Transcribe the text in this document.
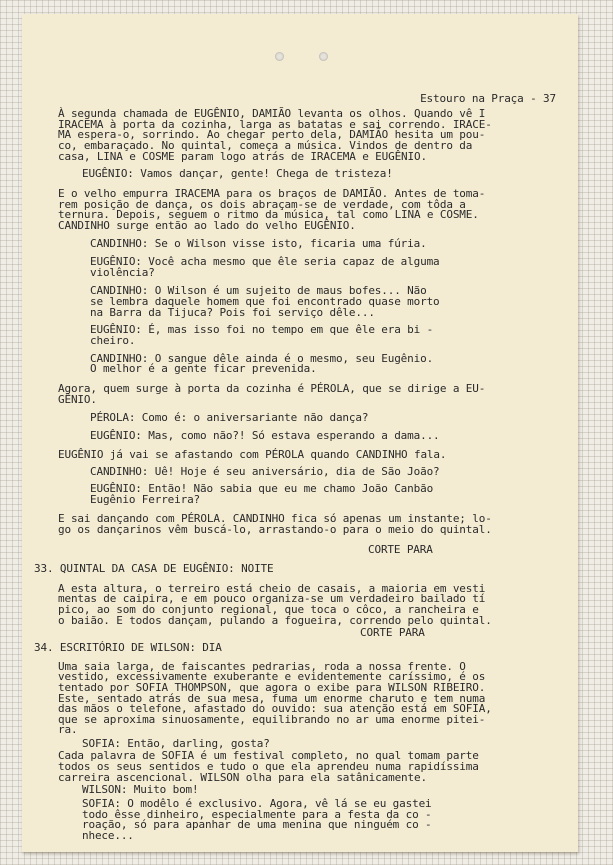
Estouro na Praça - 37
À segunda chamada de EUGÊNIO, DAMIÃO levanta os olhos. Quando vê I
IRACEMA à porta da cozinha, larga as batatas e sai correndo. IRACE-
MA espera-o, sorrindo. Ao chegar perto dela, DAMIÃO hesita um pou-
co, embaraçado. No quintal, começa a música. Vindos de dentro da
casa, LINA e COSME param logo atrás de IRACEMA e EUGÊNIO.
EUGÊNIO: Vamos dançar, gente! Chega de tristeza!
E o velho empurra IRACEMA para os braços de DAMIÃO. Antes de toma-
rem posição de dança, os dois abraçam-se de verdade, com tôda a
ternura. Depois, seguem o ritmo da música, tal como LINA e COSME.
CANDINHO surge então ao lado do velho EUGÊNIO.
CANDINHO: Se o Wilson visse isto, ficaria uma fúria.
EUGÊNIO: Você acha mesmo que êle seria capaz de alguma
violência?
CANDINHO: O Wilson é um sujeito de maus bofes... Não
se lembra daquele homem que foi encontrado quase morto
na Barra da Tijuca? Pois foi serviço dêle...
EUGÊNIO: É, mas isso foi no tempo em que êle era bi -
cheiro.
CANDINHO: O sangue dêle ainda é o mesmo, seu Eugênio.
O melhor é a gente ficar prevenida.
Agora, quem surge à porta da cozinha é PÉROLA, que se dirige a EU-
GÊNIO.
PÉROLA: Como é: o aniversariante não dança?
EUGÊNIO: Mas, como não?! Só estava esperando a dama...
EUGÊNIO já vai se afastando com PÉROLA quando CANDINHO fala.
CANDINHO: Uê! Hoje é seu aniversário, dia de São João?
EUGÊNIO: Então! Não sabia que eu me chamo João Canbão
Eugênio Ferreira?
E sai dançando com PÉROLA. CANDINHO fica só apenas um instante; lo-
go os dançarinos vêm buscá-lo, arrastando-o para o meio do quintal.
CORTE PARA
33. QUINTAL DA CASA DE EUGÊNIO: NOITE
A esta altura, o terreiro está cheio de casais, a maioria em vesti
mentas de caipira, e em pouco organiza-se um verdadeiro bailado tí
pico, ao som do conjunto regional, que toca o côco, a rancheira e
o baião. E todos dançam, pulando a fogueira, correndo pelo quintal.
CORTE PARA
34. ESCRITÓRIO DE WILSON: DIA
Uma saia larga, de faiscantes pedrarias, roda a nossa frente. O
vestido, excessivamente exuberante e evidentemente caríssimo, é os
tentado por SOFIA THOMPSON, que agora o exibe para WILSON RIBEIRO.
Este, sentado atrás de sua mesa, fuma um enorme charuto e tem numa
das mãos o telefone, afastado do ouvido: sua atenção está em SOFIA,
que se aproxima sinuosamente, equilibrando no ar uma enorme pitei-
ra.
SOFIA: Então, darling, gosta?
Cada palavra de SOFIA é um festival completo, no qual tomam parte
todos os seus sentidos e tudo o que ela aprendeu numa rapidíssima
carreira ascencional. WILSON olha para ela satânicamente.
WILSON: Muito bom!
SOFIA: O modêlo é exclusivo. Agora, vê lá se eu gastei
todo êsse dinheiro, especialmente para a festa da co -
roação, só para apanhar de uma menina que ninguém co -
nhece...
